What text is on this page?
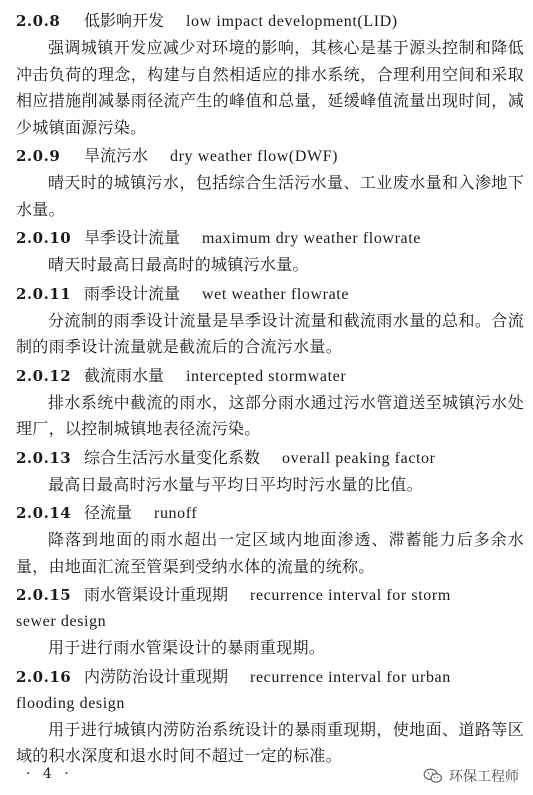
2.0.8 低影响开发 low impact development(LID)

强调城镇开发应减少对环境的影响，其核心是基于源头控制和降低冲击负荷的理念，构建与自然相适应的排水系统，合理利用空间和采取相应措施削减暴雨径流产生的峰值和总量，延缓峰值流量出现时间，减少城镇面源污染。

2.0.9 旱流污水 dry weather flow(DWF)

晴天时的城镇污水，包括综合生活污水量、工业废水量和入渗地下水量。

2.0.10 旱季设计流量 maximum dry weather flowrate

晴天时最高日最高时的城镇污水量。

2.0.11 雨季设计流量 wet weather flowrate

分流制的雨季设计流量是旱季设计流量和截流雨水量的总和。合流制的雨季设计流量就是截流后的合流污水量。

2.0.12 截流雨水量 intercepted stormwater

排水系统中截流的雨水，这部分雨水通过污水管道送至城镇污水处理厂，以控制城镇地表径流污染。

2.0.13 综合生活污水量变化系数 overall peaking factor

最高日最高时污水量与平均日平均时污水量的比值。

2.0.14 径流量 runoff

降落到地面的雨水超出一定区域内地面渗透、滞蓄能力后多余水量，由地面汇流至管渠到受纳水体的流量的统称。

2.0.15 雨水管渠设计重现期 recurrence interval for storm

sewer design

用于进行雨水管渠设计的暴雨重现期。

2.0.16 内涝防治设计重现期 recurrence interval for urban

flooding design

用于进行城镇内涝防治系统设计的暴雨重现期，使地面、道路等区域的积水深度和退水时间不超过一定的标准。

· 4 ·	环保工程师
